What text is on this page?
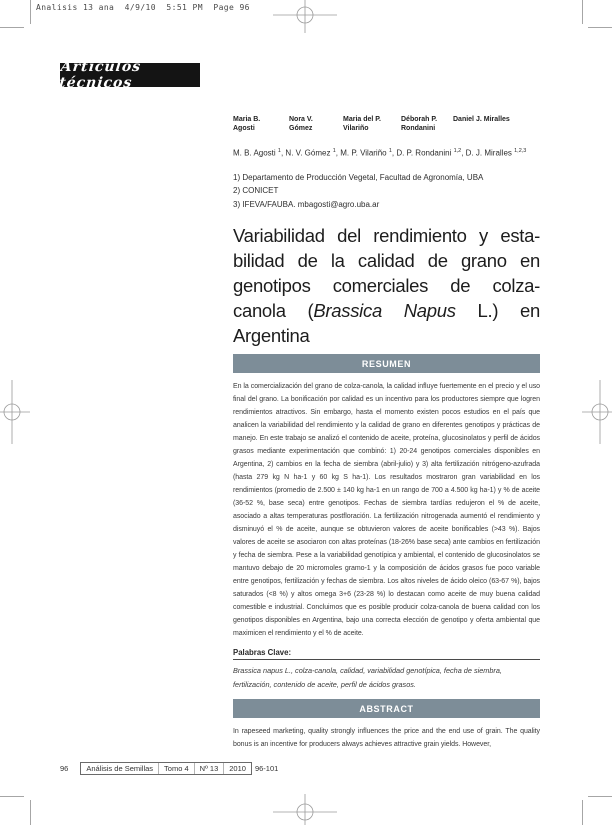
Analisis 13 ana  4/9/10  5:51 PM  Page 96
Artículos técnicos
Maria B.
Agosti
Nora V.
Gómez
Maria del P.
Vilariño
Déborah P.
Rondanini
Daniel J. Miralles
M. B. Agosti $^1$, N. V. Gómez $^1$, M. P. Vilariño $^1$, D. P. Rondanini $^{1,2}$, D. J. Miralles $^{1,2,3}$
1) Departamento de Producción Vegetal, Facultad de Agronomía, UBA
2) CONICET
3) IFEVA/FAUBA. mbagosti@agro.uba.ar
Variabilidad del rendimiento y esta-
bilidad de la calidad de grano en
genotipos comerciales de colza-
canola (Brassica Napus L.) en
Argentina
RESUMEN
En la comercialización del grano de colza-canola, la calidad influye fuertemente en el precio y el uso final del grano. La bonificación por calidad es un incentivo para los productores siempre que logren rendimientos atractivos. Sin embargo, hasta el momento existen pocos estudios en el país que analicen la variabilidad del rendimiento y la calidad de grano en diferentes genotipos y prácticas de manejo. En este trabajo se analizó el contenido de aceite, proteína, glucosinolatos y perfil de ácidos grasos mediante experimentación que combinó: 1) 20-24 genotipos comerciales disponibles en Argentina, 2) cambios en la fecha de siembra (abril-julio) y 3) alta fertilización nitrógeno-azufrada (hasta 279 kg N ha-1 y 60 kg S ha-1). Los resultados mostraron gran variabilidad en los rendimientos (promedio de 2.500 ± 140 kg ha-1 en un rango de 700 a 4.500 kg ha-1) y % de aceite (36-52 %, base seca) entre genotipos. Fechas de siembra tardías redujeron el % de aceite, asociado a altas temperaturas postfloración. La fertilización nitrogenada aumentó el rendimiento y disminuyó el % de aceite, aunque se obtuvieron valores de aceite bonificables (>43 %). Bajos valores de aceite se asociaron con altas proteínas (18-26% base seca) ante cambios en fertilización y fecha de siembra. Pese a la variabilidad genotípica y ambiental, el contenido de glucosinolatos se mantuvo debajo de 20 micromoles gramo-1 y la composición de ácidos grasos fue poco variable entre genotipos, fertilización y fechas de siembra. Los altos niveles de ácido oleico (63-67 %), bajos saturados (<8 %) y altos omega 3+6 (23-28 %) lo destacan como aceite de muy buena calidad comestible e industrial. Concluimos que es posible producir colza-canola de buena calidad con los genotipos disponibles en Argentina, bajo una correcta elección de genotipo y oferta ambiental que maximicen el rendimiento y el % de aceite.
Palabras Clave:
Brassica napus L., colza-canola, calidad, variabilidad genotípica, fecha de siembra, fertilización, contenido de aceite, perfil de ácidos grasos.
ABSTRACT
In rapeseed marketing, quality strongly influences the price and the end use of grain. The quality bonus is an incentive for producers always achieves attractive grain yields. However,
96	Análisis de Semillas	Tomo 4	Nº 13	2010	96-101
